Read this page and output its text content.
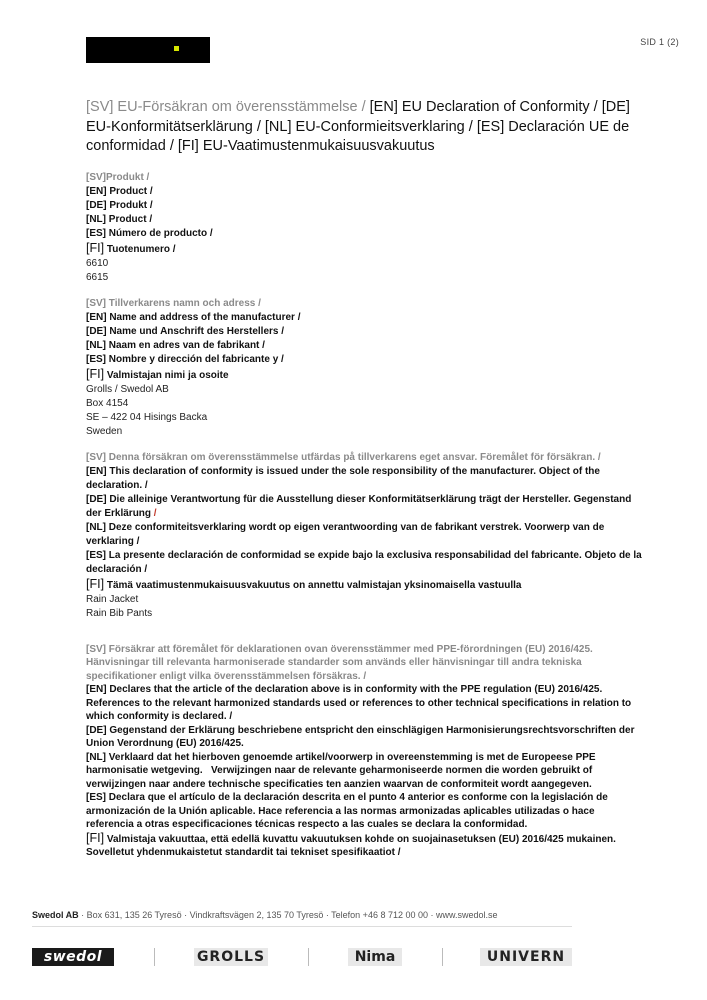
SID 1 (2)
[SV] EU-Försäkran om överensstämmelse / [EN] EU Declaration of Conformity / [DE] EU-Konformitätserklärung / [NL] EU-Conformieitsverklaring / [ES] Declaración UE de conformidad / [FI] EU-Vaatimustenmukaisuusvakuutus
[SV]Produkt /
[EN] Product /
[DE] Produkt /
[NL] Product /
[ES] Número de producto /
[FI] Tuotenumero /
6610
6615
[SV] Tillverkarens namn och adress /
[EN] Name and address of the manufacturer /
[DE] Name und Anschrift des Herstellers /
[NL] Naam en adres van de fabrikant /
[ES] Nombre y dirección del fabricante y /
[FI] Valmistajan nimi ja osoite
Grolls / Swedol AB
Box 4154
SE – 422 04 Hisings Backa
Sweden
[SV] Denna försäkran om överensstämmelse utfärdas på tillverkarens eget ansvar. Föremålet för försäkran. /
[EN] This declaration of conformity is issued under the sole responsibility of the manufacturer. Object of the declaration. /
[DE] Die alleinige Verantwortung für die Ausstellung dieser Konformitätserklärung trägt der Hersteller. Gegenstand der Erklärung /
[NL] Deze conformiteitsverklaring wordt op eigen verantwoording van de fabrikant verstrek. Voorwerp van de verklaring /
[ES] La presente declaración de conformidad se expide bajo la exclusiva responsabilidad del fabricante. Objeto de la declaración /
[FI] Tämä vaatimustenmukaisuusvakuutus on annettu valmistajan yksinomaisella vastuulla
Rain Jacket
Rain Bib Pants
[SV] Försäkrar att föremålet för deklarationen ovan överensstämmer med PPE-förordningen (EU) 2016/425. Hänvisningar till relevanta harmoniserade standarder som används eller hänvisningar till andra tekniska specifikationer enligt vilka överensstämmelsen försäkras. /
[EN] Declares that the article of the declaration above is in conformity with the PPE regulation (EU) 2016/425. References to the relevant harmonized standards used or references to other technical specifications in relation to which conformity is declared. /
[DE] Gegenstand der Erklärung beschriebene entspricht den einschlägigen Harmonisierungsrechtsvorschriften der Union Verordnung (EU) 2016/425.
[NL] Verklaard dat het hierboven genoemde artikel/voorwerp in overeenstemming is met de Europeese PPE harmonisatie wetgeving.   Verwijzingen naar de relevante geharmoniseerde normen die worden gebruikt of verwijzingen naar andere technische specificaties ten aanzien waarvan de conformiteit wordt aangegeven.
[ES] Declara que el artículo de la declaración descrita en el punto 4 anterior es conforme con la legislación de armonización de la Unión aplicable. Hace referencia a las normas armonizadas aplicables utilizadas o hace referencia a otras especificaciones técnicas respecto a las cuales se declara la conformidad.
[FI] Valmistaja vakuuttaa, että edellä kuvattu vakuutuksen kohde on suojainasetuksen (EU) 2016/425 mukainen. Sovelletut yhdenmukaistetut standardit tai tekniset spesifikaatiot /
Swedol AB · Box 631, 135 26 Tyresö · Vindkraftsvägen 2, 135 70 Tyresö · Telefon +46 8 712 00 00 · www.swedol.se
swedol	GROLLS	Nima	UNIVERN
